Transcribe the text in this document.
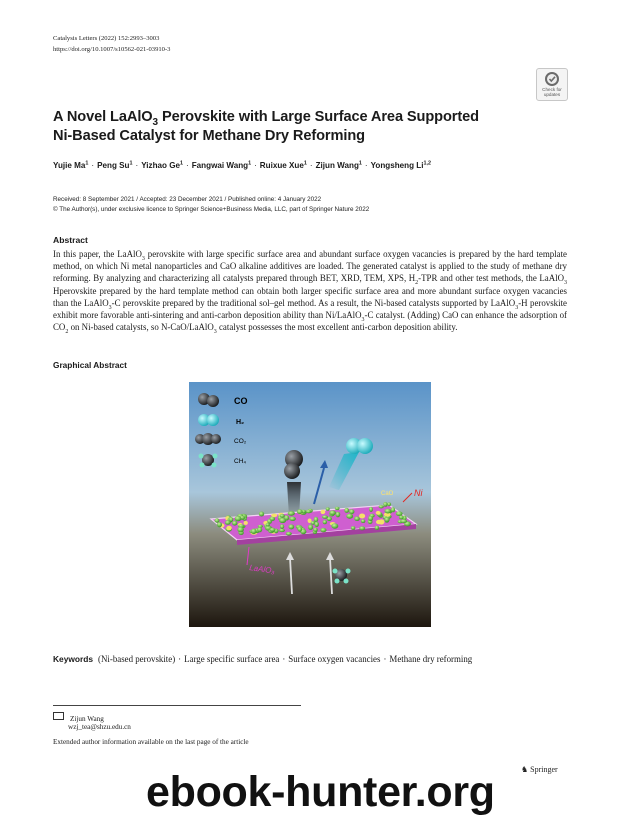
Catalysis Letters (2022) 152:2993–3003
https://doi.org/10.1007/s10562-021-03910-3
Check for
updates
A Novel LaAlO$_3$ Perovskite with Large Surface Area Supported
Ni-Based Catalyst for Methane Dry Reforming
Yujie $Ma^1$ · Peng $Su^1$ · Yizhao $Ge^1$ · Fangwai Wang$^1$ · Ruixue Xue$^1$ · Zijun Wang$^1$ · Yongsheng Li$^{1,2}$
Received: 8 September 2021 / Accepted: 23 December 2021 / Published online: 4 January 2022
© The Author(s), under exclusive licence to Springer Science+Business Media, LLC, part of Springer Nature 2022
Abstract
In this paper, the LaAlO$_3$ perovskite with large specific surface area and abundant surface oxygen vacancies is prepared by the hard template method, on which Ni metal nanoparticles and CaO alkaline additives are loaded. The generated catalyst is applied to the study of methane dry reforming. By analyzing and characterizing all catalysts prepared through BET, XRD, TEM, XPS, $H_2$-TPR and other test methods, the LaAlO$_3$ Hperovskite prepared by the hard template method can obtain both larger specific surface area and more abundant surface oxygen vacancies than the LaAlO$_3$-C perovskite prepared by the traditional sol–gel method. As a result, the Ni-based catalysts supported by LaAlO$_3$-H perovskite exhibit more favorable anti-sintering and anti-carbon deposition ability than Ni/LaAlO$_3$-C catalyst. (Adding) CaO can enhance the adsorption of $CO_2$ on Ni-based catalysts, so N-CaO/LaAlO$_3$ catalyst possesses the most excellent anti-carbon deposition ability.
Graphical Abstract
CO
H₂
CO₂
CH₄
CaO Ni
LaAlO₃
Keywords (Ni-based perovskite) · Large specific surface area · Surface oxygen vacancies · Methane dry reforming
Zijun Wang
wzj_tea@shzu.edu.cn
Extended author information available on the last page of the article
♞ Springer
ebook-hunter.org
